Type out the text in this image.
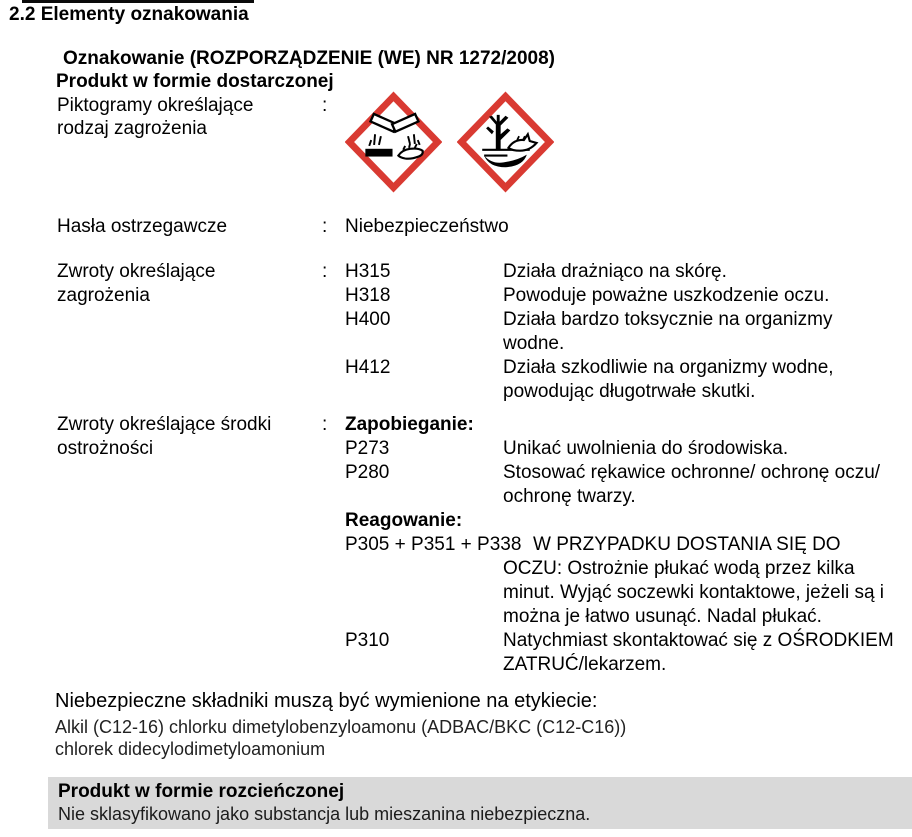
2.2 Elementy oznakowania
Oznakowanie (ROZPORZĄDZENIE (WE) NR 1272/2008)
Produkt w formie dostarczonej
Piktogramy określające
rodzaj zagrożenia
:
Hasła ostrzegawcze	: Niebezpieczeństwo
Zwroty określające
zagrożenia
: H315	Działa drażniąco na skórę.
H318	Powoduje poważne uszkodzenie oczu.
H400	Działa bardzo toksycznie na organizmy
wodne.
H412	Działa szkodliwie na organizmy wodne,
powodując długotrwałe skutki.
Zwroty określające środki
ostrożności
: Zapobieganie:
P273	Unikać uwolnienia do środowiska.
P280	Stosować rękawice ochronne/ ochronę oczu/
ochronę twarzy.
Reagowanie:
P305 + P351 + P338 W PRZYPADKU DOSTANIA SIĘ DO
OCZU: Ostrożnie płukać wodą przez kilka
minut. Wyjąć soczewki kontaktowe, jeżeli są i
można je łatwo usunąć. Nadal płukać.
P310	Natychmiast skontaktować się z OŚRODKIEM
ZATRUĆ/lekarzem.
Niebezpieczne składniki muszą być wymienione na etykiecie:
Alkil (C12-16) chlorku dimetylobenzyloamonu (ADBAC/BKC (C12-C16))
chlorek didecylodimetyloamonium
Produkt w formie rozcieńczonej
Nie sklasyfikowano jako substancja lub mieszanina niebezpieczna.
